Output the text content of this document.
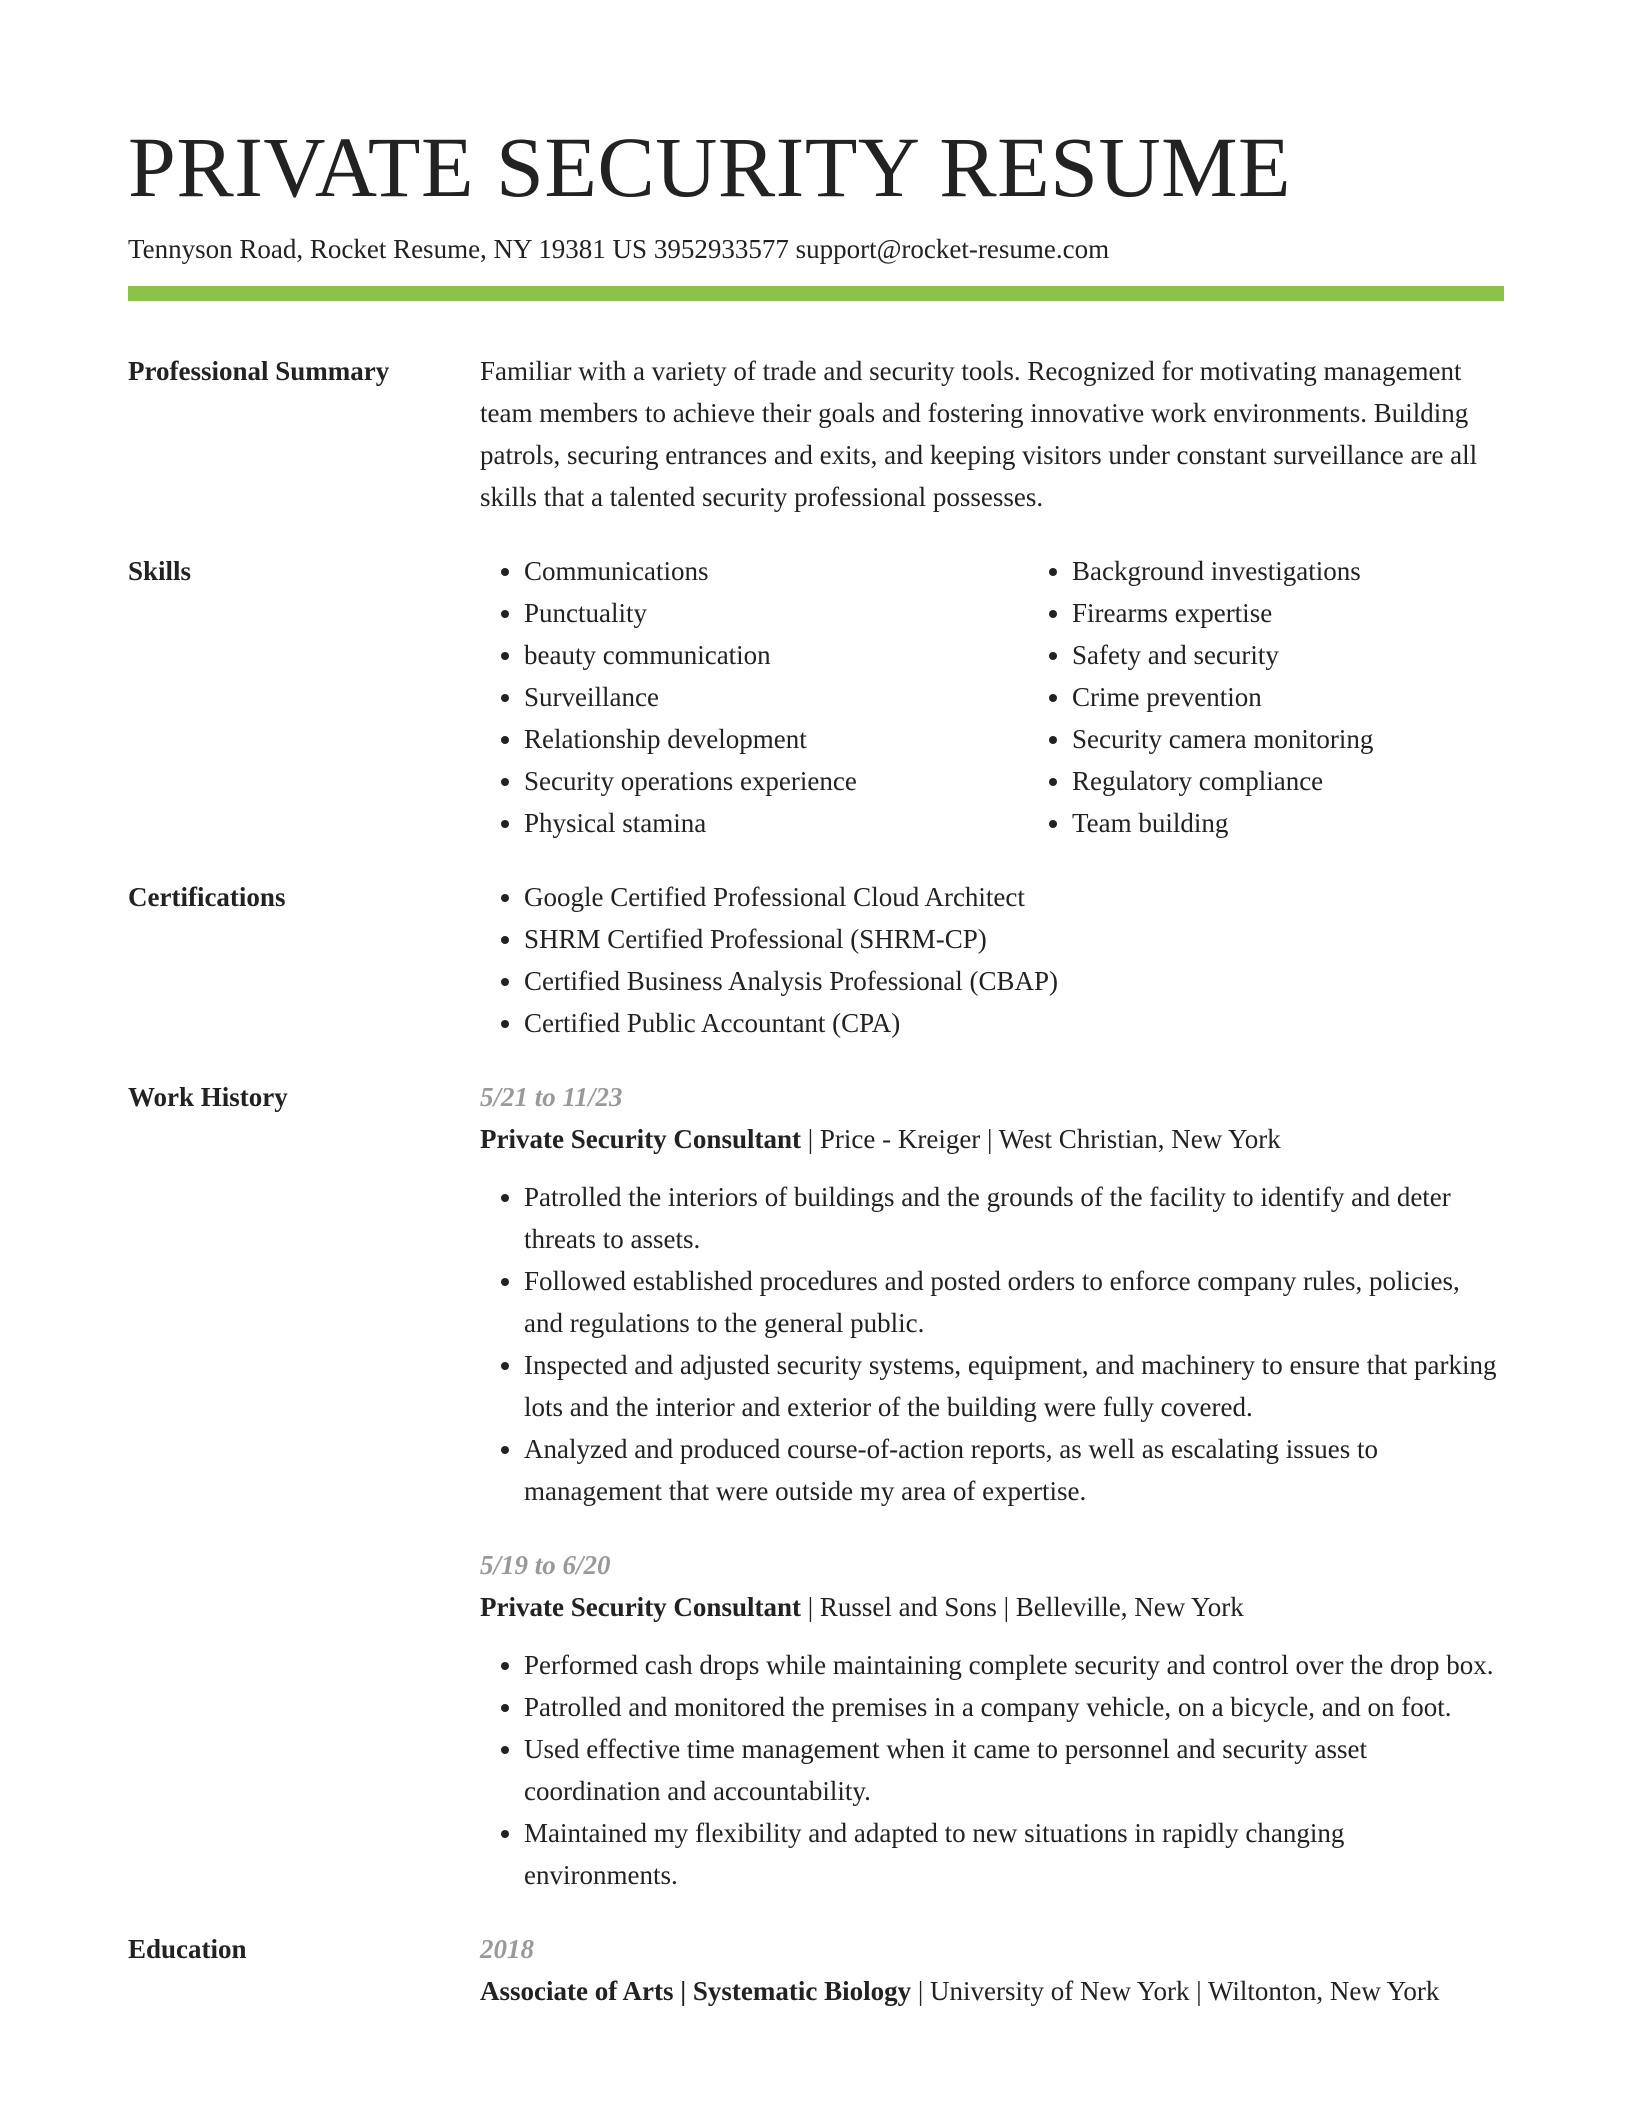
PRIVATE SECURITY RESUME
Tennyson Road, Rocket Resume, NY 19381 US 3952933577 support@rocket-resume.com
Professional Summary	Familiar with a variety of trade and security tools. Recognized for motivating management team members to achieve their goals and fostering innovative work environments. Building patrols, securing entrances and exits, and keeping visitors under constant surveillance are all skills that a talented security professional possesses.

Skills	• Communications
• Punctuality
• beauty communication
• Surveillance
• Relationship development
• Security operations experience
• Physical stamina
• Background investigations
• Firearms expertise
• Safety and security
• Crime prevention
• Security camera monitoring
• Regulatory compliance
• Team building
Certifications	• Google Certified Professional Cloud Architect
• SHRM Certified Professional (SHRM-CP)
• Certified Business Analysis Professional (CBAP)
• Certified Public Accountant (CPA)
Work History	5/21 to 11/23
Private Security Consultant | Price - Kreiger | West Christian, New York
• Patrolled the interiors of buildings and the grounds of the facility to identify and deter threats to assets.
• Followed established procedures and posted orders to enforce company rules, policies, and regulations to the general public.
• Inspected and adjusted security systems, equipment, and machinery to ensure that parking lots and the interior and exterior of the building were fully covered.
• Analyzed and produced course-of-action reports, as well as escalating issues to management that were outside my area of expertise.
5/19 to 6/20
Private Security Consultant | Russel and Sons | Belleville, New York
• Performed cash drops while maintaining complete security and control over the drop box.
• Patrolled and monitored the premises in a company vehicle, on a bicycle, and on foot.
• Used effective time management when it came to personnel and security asset coordination and accountability.
• Maintained my flexibility and adapted to new situations in rapidly changing environments.
Education	2018
Associate of Arts | Systematic Biology | University of New York | Wiltonton, New York
